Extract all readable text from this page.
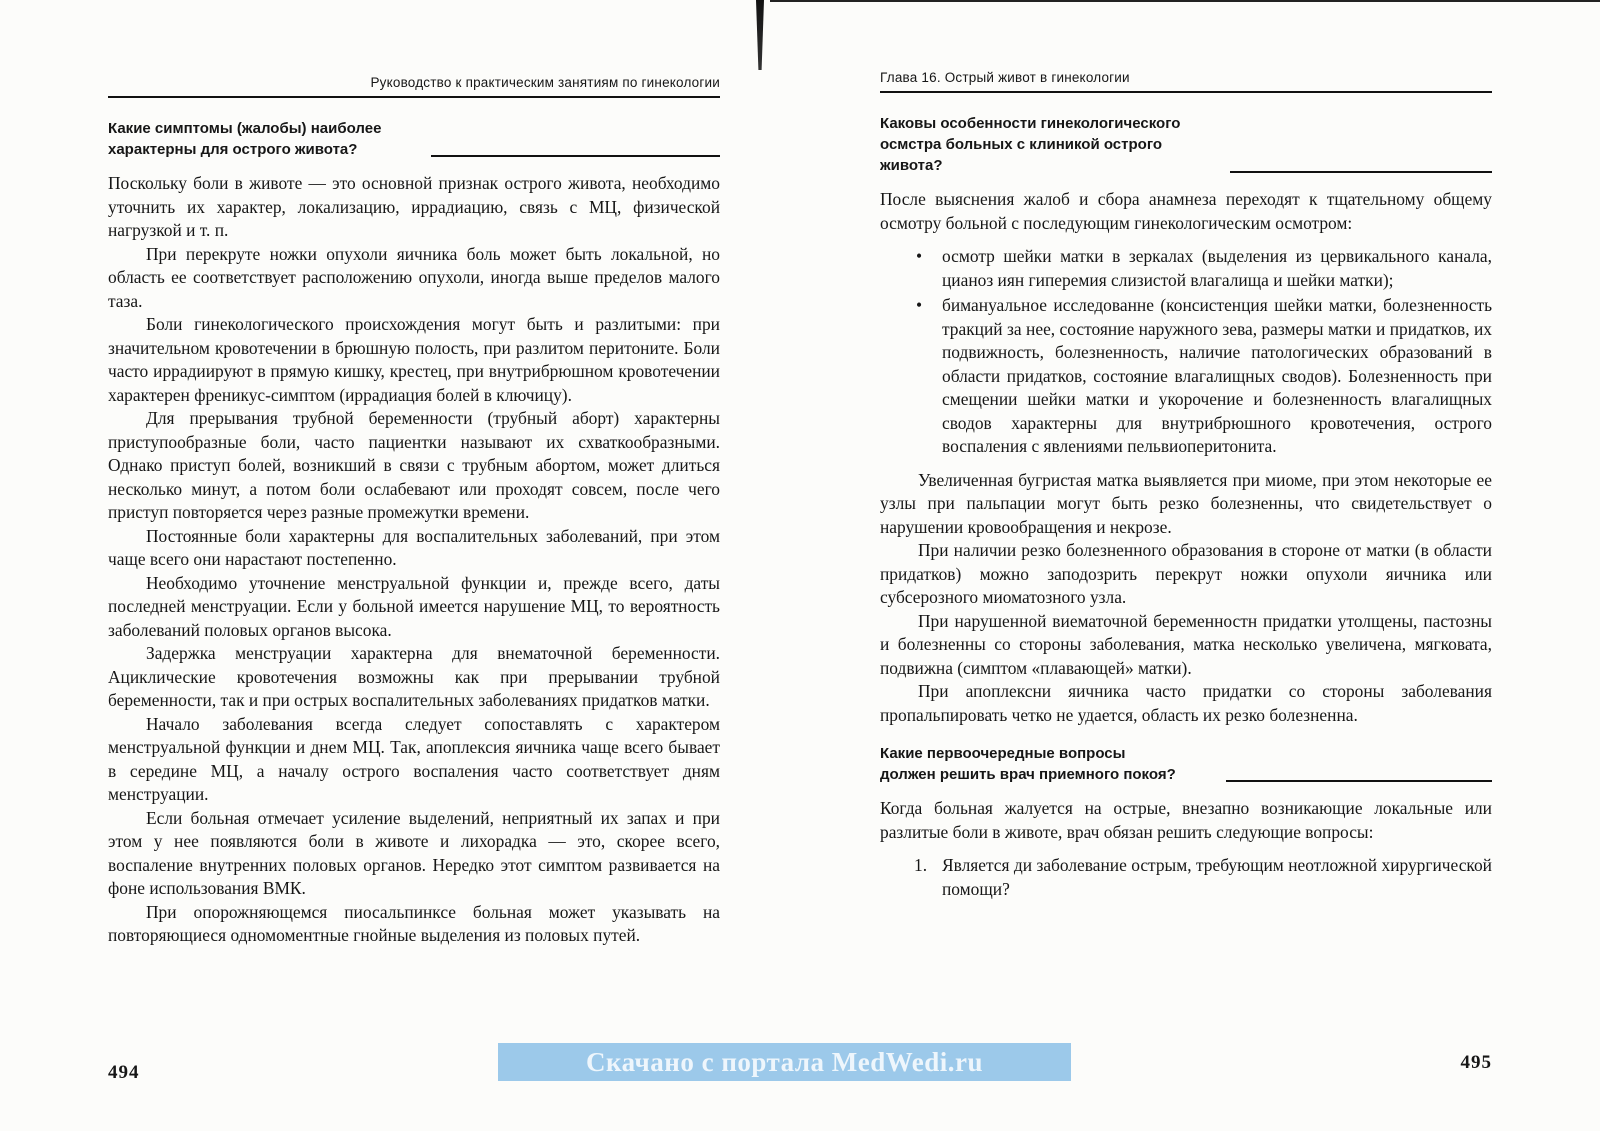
Руководство к практическим занятиям по гинекологии
Какие симптомы (жалобы) наиболее
характерны для острого живота?

Поскольку боли в животе — это основной признак острого живота, необходимо уточнить их характер, локализацию, иррадиацию, связь с МЦ, физической нагрузкой и т. п.

При перекруте ножки опухоли яичника боль может быть локальной, но область ее соответствует расположению опухоли, иногда выше пределов малого таза.

Боли гинекологического происхождения могут быть и разлитыми: при значительном кровотечении в брюшную полость, при разлитом перитоните. Боли часто иррадиируют в прямую кишку, крестец, при внутрибрюшном кровотечении характерен френикус-симптом (иррадиация болей в ключицу).

Для прерывания трубной беременности (трубный аборт) характерны приступообразные боли, часто пациентки называют их схваткообразными. Однако приступ болей, возникший в связи с трубным абортом, может длиться несколько минут, а потом боли ослабевают или проходят совсем, после чего приступ повторяется через разные промежутки времени.

Постоянные боли характерны для воспалительных заболеваний, при этом чаще всего они нарастают постепенно.

Необходимо уточнение менструальной функции и, прежде всего, даты последней менструации. Если у больной имеется нарушение МЦ, то вероятность заболеваний половых органов высока.

Задержка менструации характерна для внематочной беременности. Ациклические кровотечения возможны как при прерывании трубной беременности, так и при острых воспалительных заболеваниях придатков матки.

Начало заболевания всегда следует сопоставлять с характером менструальной функции и днем МЦ. Так, апоплексия яичника чаще всего бывает в середине МЦ, а началу острого воспаления часто соответствует дням менструации.

Если больная отмечает усиление выделений, неприятный их запах и при этом у нее появляются боли в животе и лихорадка — это, скорее всего, воспаление внутренних половых органов. Нередко этот симптом развивается на фоне использования ВМК.

При опорожняющемся пиосальпинксе больная может указывать на повторяющиеся одномоментные гнойные выделения из половых путей.

494
Глава 16. Острый живот в гинекологии
Каковы особенности гинекологического
осмстра больных с клиникой острого
живота?

После выяснения жалоб и сбора анамнеза переходят к тщательному общему осмотру больной с последующим гинекологическим осмотром:

• осмотр шейки матки в зеркалах (выделения из цервикального канала, цианоз иян гиперемия слизистой влагалища и шейки матки);
• бимануальное исследованне (консистенция шейки матки, болезненность тракций за нее, состояние наружного зева, размеры матки и придатков, их подвижность, болезненность, наличие патологических образований в области придатков, состояние влагалищных сводов). Болезненность при смещении шейки матки и укорочение и болезненность влагалищных сводов характерны для внутрибрюшного кровотечения, острого воспаления с явлениями пельвиоперитонита.

Увеличенная бугристая матка выявляется при миоме, при этом некоторые ее узлы при пальпации могут быть резко болезненны, что свидетельствует о нарушении кровообращения и некрозе.

При наличии резко болезненного образования в стороне от матки (в области придатков) можно заподозрить перекрут ножки опухоли яичника или субсерозного миоматозного узла.

При нарушенной виематочной беременностн придатки утолщены, пастозны и болезненны со стороны заболевания, матка несколько увеличена, мягковата, подвижна (симптом «плавающей» матки).

При апоплексни яичника часто придатки со стороны заболевания пропальпировать четко не удается, область их резко болезненна.

Какие первоочередные вопросы
должен решить врач приемного покоя?

Когда больная жалуется на острые, внезапно возникающие локальные или разлитые боли в животе, врач обязан решить следующие вопросы:

1. Является ди заболевание острым, требующим неотложной хирургической помощи?
495
Скачано с портала MedWedi.ru
